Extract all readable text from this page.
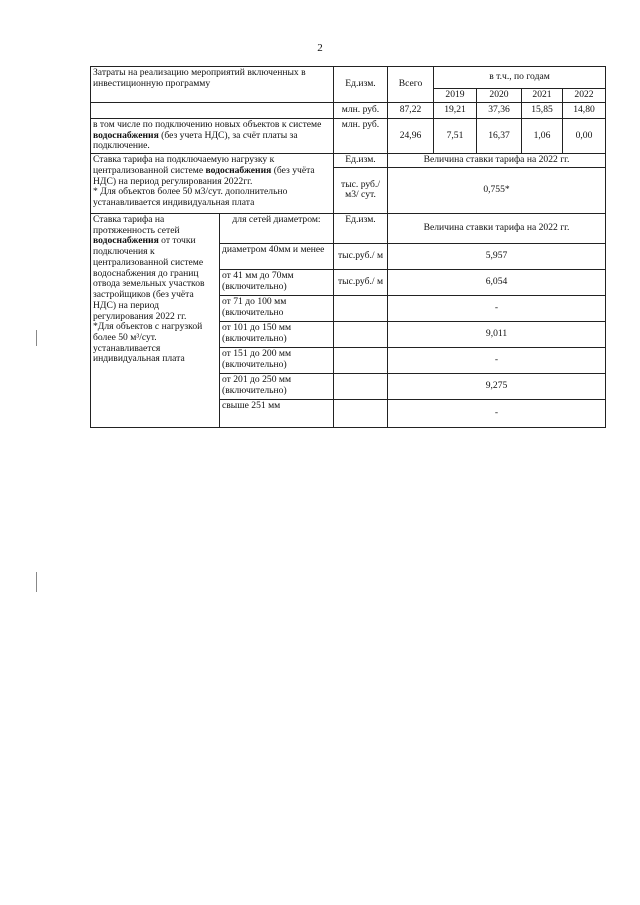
2
Затраты на реализацию мероприятий включенных в инвестиционную программу		Ед.изм.	Всего	в т.ч., по годам			
				2019	2020	2021	2022
		млн. руб.	87,22	19,21	37,36	15,85	14,80
в том числе по подключению новых объектов к системе водоснабжения (без учета НДС), за счёт платы за подключение.		млн. руб.	24,96	7,51	16,37	1,06	0,00
Ставка тарифа на подключаемую нагрузку к централизованной системе водоснабжения (без учёта НДС) на период регулирования 2022гг.
* Для объектов более 50 м3/сут. дополнительно устанавливается индивидуальная плата		Ед.изм.	Величина ставки тарифа на 2022 гг.				
		тыс. руб./м3/ сут.	0,755*				
Ставка тарифа на протяженность сетей водоснабжения от точки подключения к централизованной системе водоснабжения до границ отвода земельных участков застройщиков (без учёта НДС) на период регулирования 2022 гг.
*Для объектов с нагрузкой более 50 м³/сут. устанавливается индивидуальная плата	для сетей диаметром:	Ед.изм.	Величина ставки тарифа на 2022 гг.				
	диаметром 40мм и менее	тыс.руб./ м	5,957				
	от 41 мм до 70мм (включительно)	тыс.руб./ м	6,054				
	от 71 до 100 мм (включительно		-				
	от 101 до 150 мм (включительно)		9,011				
	от 151 до 200 мм (включительно)		-				
	от 201 до 250 мм (включительно)		9,275				
	свыше 251 мм		-				
